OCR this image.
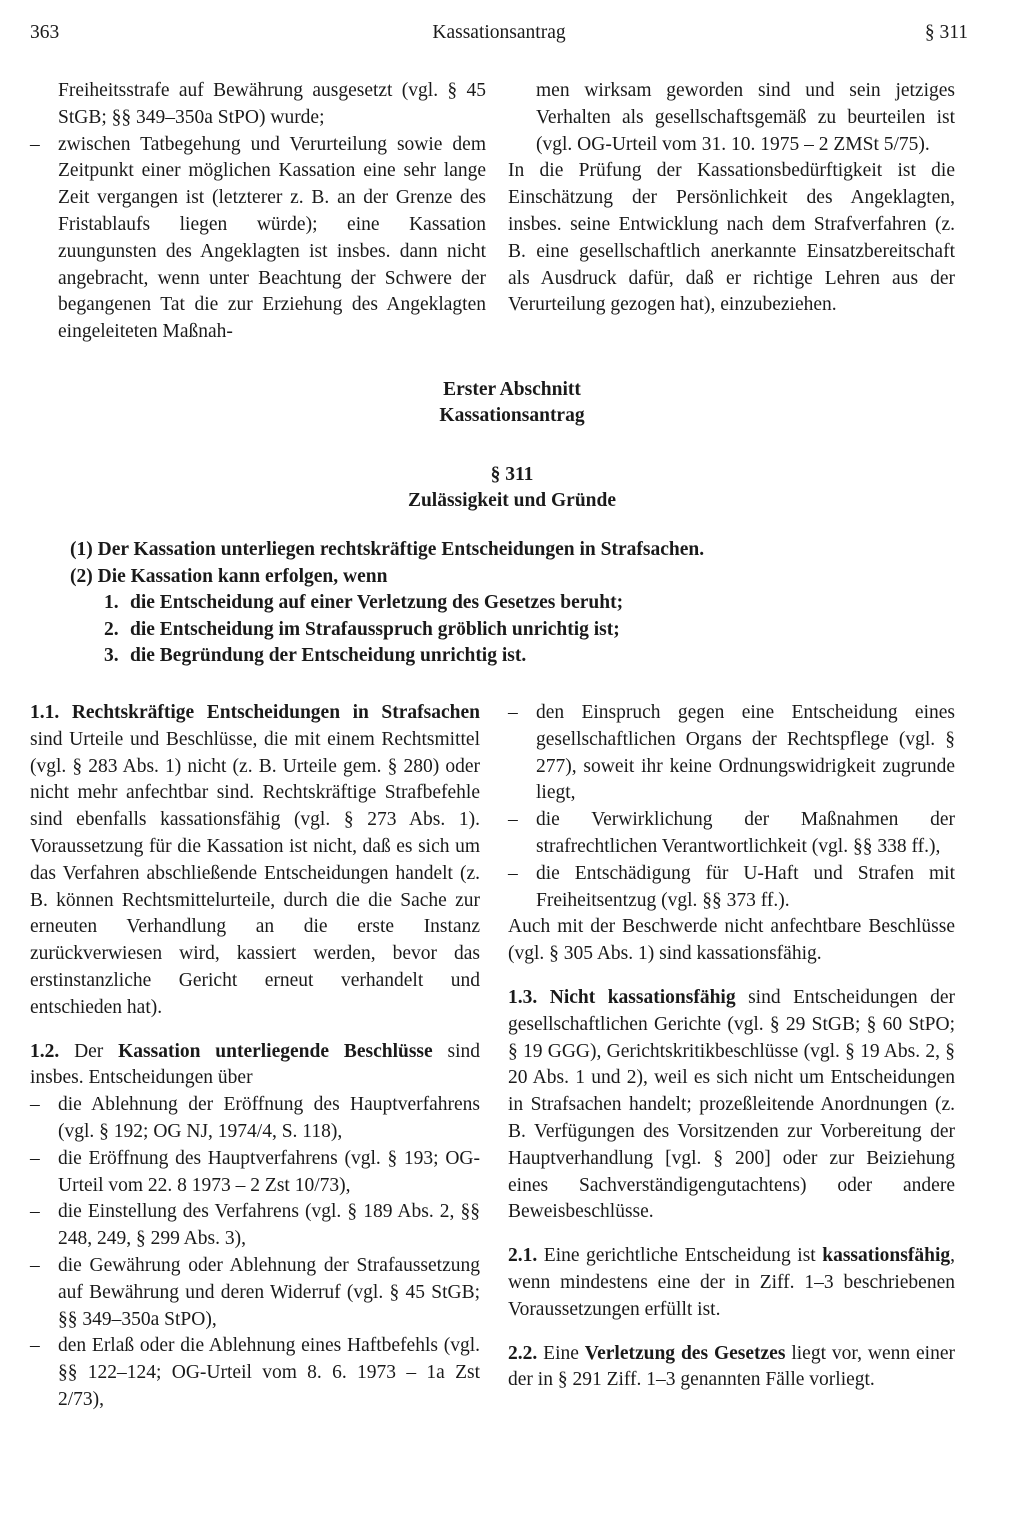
363	Kassationsantrag	§ 311

Freiheitsstrafe auf Bewährung ausgesetzt (vgl. § 45 StGB; §§ 349–350a StPO) wurde;

– zwischen Tatbegehung und Verurteilung sowie dem Zeitpunkt einer möglichen Kassation eine sehr lange Zeit vergangen ist (letzterer z. B. an der Grenze des Fristablaufs liegen würde); eine Kassation zuungunsten des Angeklagten ist insbes. dann nicht angebracht, wenn unter Beachtung der Schwere der begangenen Tat die zur Erziehung des Angeklagten eingeleiteten Maßnah-

men wirksam geworden sind und sein jetziges Verhalten als gesellschaftsgemäß zu beurteilen ist (vgl. OG-Urteil vom 31. 10. 1975 – 2 ZMSt 5/75).

In die Prüfung der Kassationsbedürftigkeit ist die Einschätzung der Persönlichkeit des Angeklagten, insbes. seine Entwicklung nach dem Strafverfahren (z. B. eine gesellschaftlich anerkannte Einsatzbereitschaft als Ausdruck dafür, daß er richtige Lehren aus der Verurteilung gezogen hat), einzubeziehen.

Erster Abschnitt
Kassationsantrag
§ 311
Zulässigkeit und Gründe
(1) Der Kassation unterliegen rechtskräftige Entscheidungen in Strafsachen.
(2) Die Kassation kann erfolgen, wenn
1. die Entscheidung auf einer Verletzung des Gesetzes beruht;
2. die Entscheidung im Strafausspruch gröblich unrichtig ist;
3. die Begründung der Entscheidung unrichtig ist.

1.1. Rechtskräftige Entscheidungen in Strafsachen sind Urteile und Beschlüsse, die mit einem Rechtsmittel (vgl. § 283 Abs. 1) nicht (z. B. Urteile gem. § 280) oder nicht mehr anfechtbar sind. Rechtskräftige Strafbefehle sind ebenfalls kassationsfähig (vgl. § 273 Abs. 1). Voraussetzung für die Kassation ist nicht, daß es sich um das Verfahren abschließende Entscheidungen handelt (z. B. können Rechtsmittelurteile, durch die die Sache zur erneuten Verhandlung an die erste Instanz zurückverwiesen wird, kassiert werden, bevor das erstinstanzliche Gericht erneut verhandelt und entschieden hat).

1.2. Der Kassation unterliegende Beschlüsse sind insbes. Entscheidungen über

– die Ablehnung der Eröffnung des Hauptverfahrens (vgl. § 192; OG NJ, 1974/4, S. 118),
– die Eröffnung des Hauptverfahrens (vgl. § 193; OG-Urteil vom 22. 8 1973 – 2 Zst 10/73),
– die Einstellung des Verfahrens (vgl. § 189 Abs. 2, §§ 248, 249, § 299 Abs. 3),
– die Gewährung oder Ablehnung der Strafaussetzung auf Bewährung und deren Widerruf (vgl. § 45 StGB; §§ 349–350a StPO),
– den Erlaß oder die Ablehnung eines Haftbefehls (vgl. §§ 122–124; OG-Urteil vom 8. 6. 1973 – 1a Zst 2/73),
– den Einspruch gegen eine Entscheidung eines gesellschaftlichen Organs der Rechtspflege (vgl. § 277), soweit ihr keine Ordnungswidrigkeit zugrunde liegt,
– die Verwirklichung der Maßnahmen der strafrechtlichen Verantwortlichkeit (vgl. §§ 338 ff.),
– die Entschädigung für U-Haft und Strafen mit Freiheitsentzug (vgl. §§ 373 ff.).

Auch mit der Beschwerde nicht anfechtbare Beschlüsse (vgl. § 305 Abs. 1) sind kassationsfähig.

1.3. Nicht kassationsfähig sind Entscheidungen der gesellschaftlichen Gerichte (vgl. § 29 StGB; § 60 StPO; § 19 GGG), Gerichtskritikbeschlüsse (vgl. § 19 Abs. 2, § 20 Abs. 1 und 2), weil es sich nicht um Entscheidungen in Strafsachen handelt; prozeßleitende Anordnungen (z. B. Verfügungen des Vorsitzenden zur Vorbereitung der Hauptverhandlung [vgl. § 200] oder zur Beiziehung eines Sachverständigengutachtens) oder andere Beweisbeschlüsse.

2.1. Eine gerichtliche Entscheidung ist kassationsfähig, wenn mindestens eine der in Ziff. 1–3 beschriebenen Voraussetzungen erfüllt ist.

2.2. Eine Verletzung des Gesetzes liegt vor, wenn einer der in § 291 Ziff. 1–3 genannten Fälle vorliegt.
